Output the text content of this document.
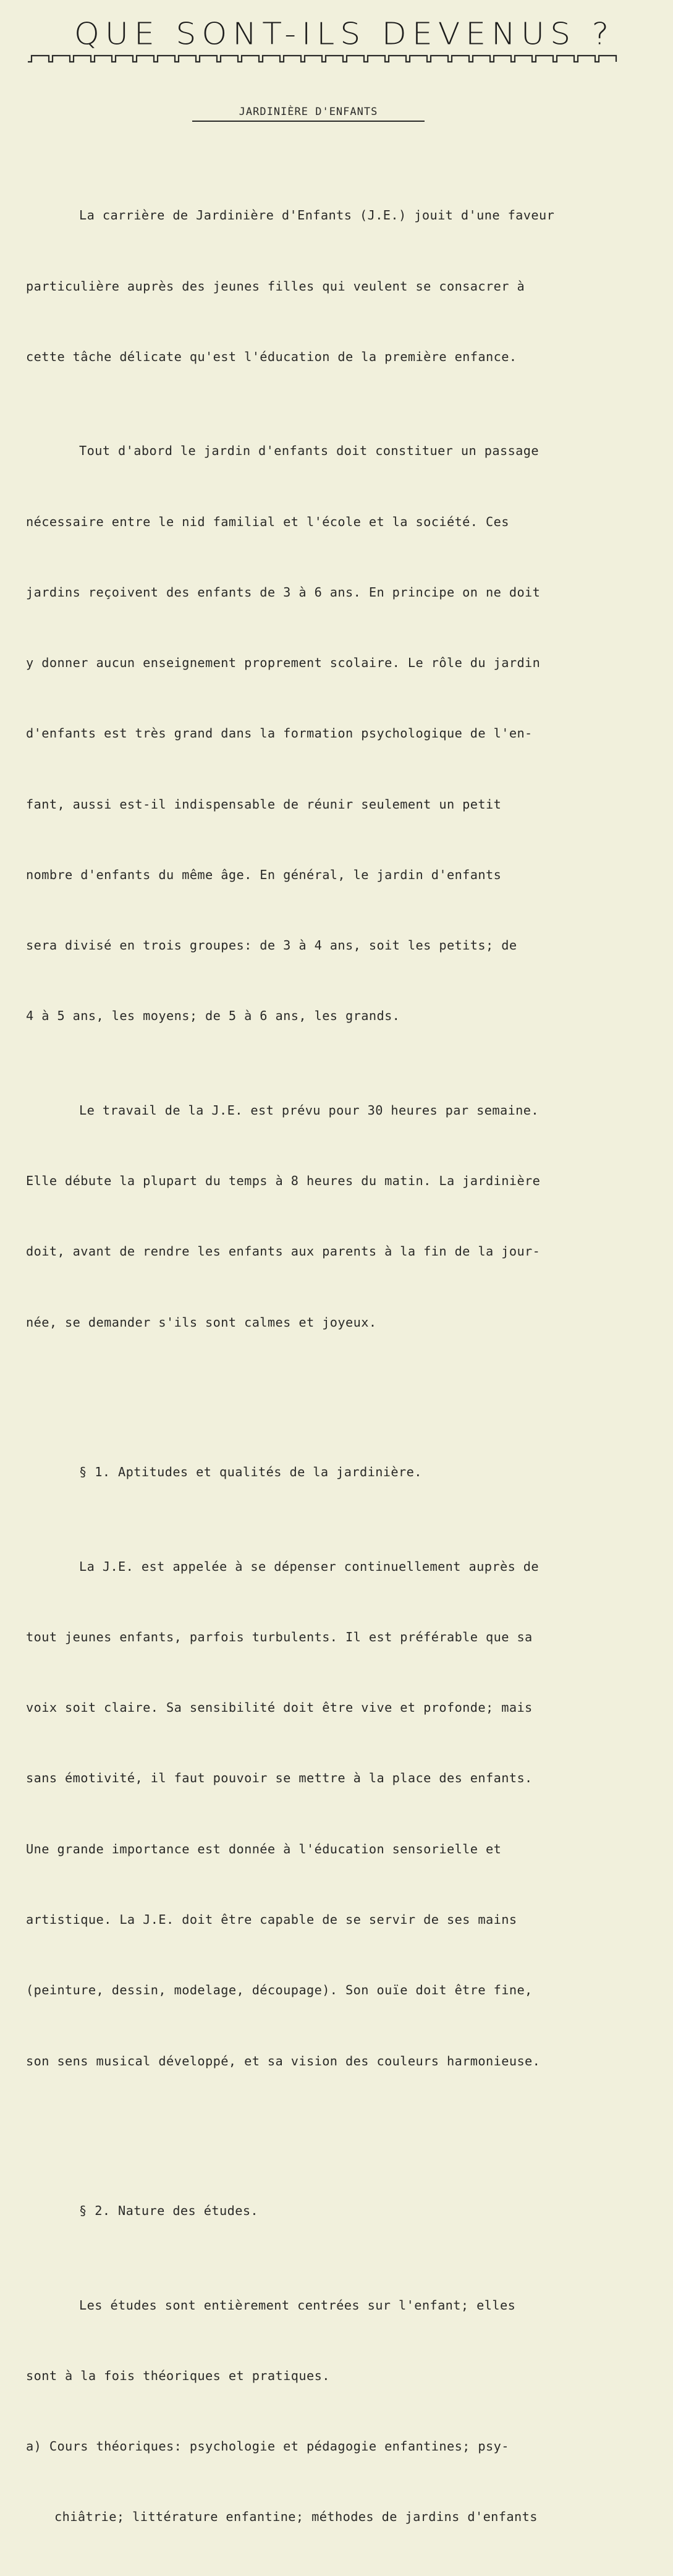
QUE SONT-ILS DEVENUS ?
JARDINIÈRE D'ENFANTS

La carrière de Jardinière d'Enfants (J.E.) jouit d'une faveur

particulière auprès des jeunes filles qui veulent se consacrer à

cette tâche délicate qu'est l'éducation de la première enfance.

Tout d'abord le jardin d'enfants doit constituer un passage

nécessaire entre le nid familial et l'école et la société. Ces

jardins reçoivent des enfants de 3 à 6 ans. En principe on ne doit

y donner aucun enseignement proprement scolaire. Le rôle du jardin

d'enfants est très grand dans la formation psychologique de l'en-

fant, aussi est-il indispensable de réunir seulement un petit

nombre d'enfants du même âge. En général, le jardin d'enfants

sera divisé en trois groupes: de 3 à 4 ans, soit les petits; de

4 à 5 ans, les moyens; de 5 à 6 ans, les grands.

Le travail de la J.E. est prévu pour 30 heures par semaine.

Elle débute la plupart du temps à 8 heures du matin. La jardinière

doit, avant de rendre les enfants aux parents à la fin de la jour-

née, se demander s'ils sont calmes et joyeux.

§ 1. Aptitudes et qualités de la jardinière.

La J.E. est appelée à se dépenser continuellement auprès de

tout jeunes enfants, parfois turbulents. Il est préférable que sa

voix soit claire. Sa sensibilité doit être vive et profonde; mais

sans émotivité, il faut pouvoir se mettre à la place des enfants.

Une grande importance est donnée à l'éducation sensorielle et

artistique. La J.E. doit être capable de se servir de ses mains

(peinture, dessin, modelage, découpage). Son ouïe doit être fine,

son sens musical développé, et sa vision des couleurs harmonieuse.

§ 2. Nature des études.

Les études sont entièrement centrées sur l'enfant; elles

sont à la fois théoriques et pratiques.

a) Cours théoriques: psychologie et pédagogie enfantines; psy-

chiâtrie; littérature enfantine; méthodes de jardins d'enfants
